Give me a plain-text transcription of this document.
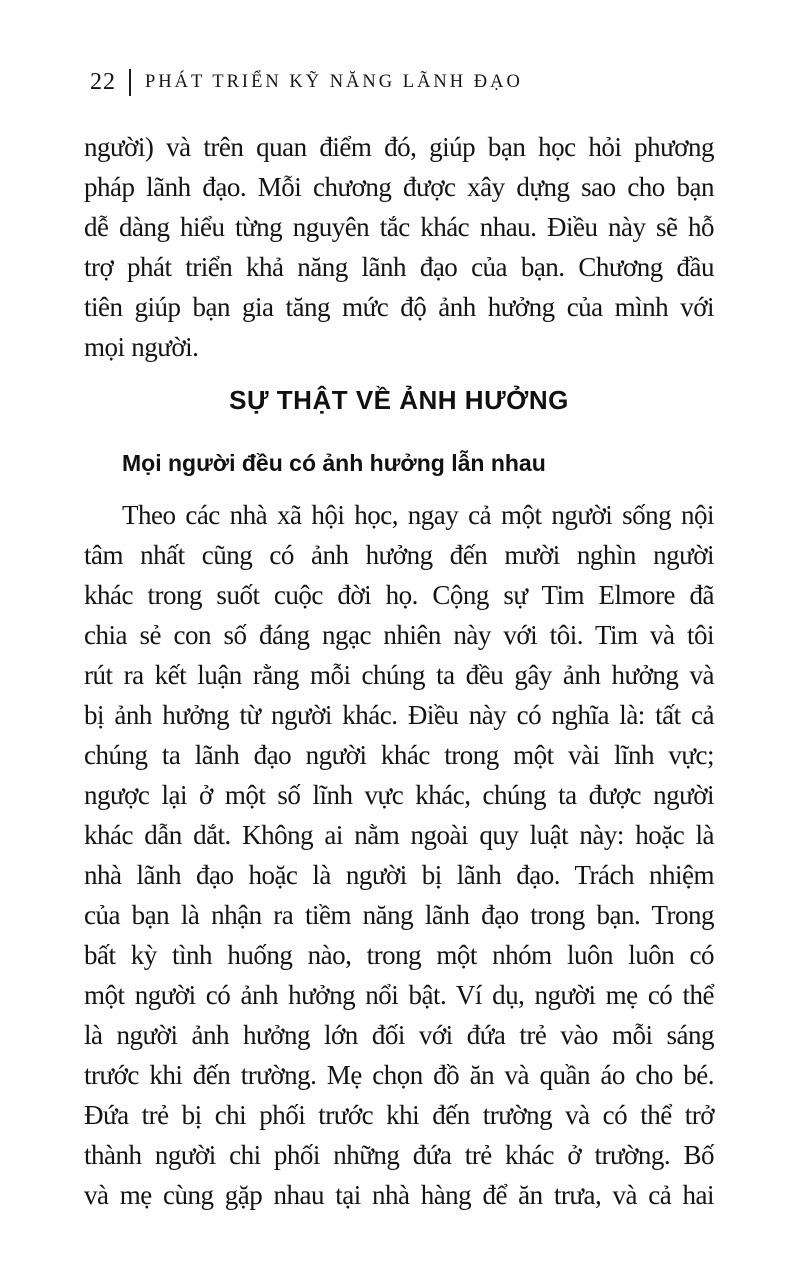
22 PHÁT TRIỂN KỸ NĂNG LÃNH ĐẠO
người) và trên quan điểm đó, giúp bạn học hỏi phương
pháp lãnh đạo. Mỗi chương được xây dựng sao cho bạn
dễ dàng hiểu từng nguyên tắc khác nhau. Điều này sẽ hỗ
trợ phát triển khả năng lãnh đạo của bạn. Chương đầu
tiên giúp bạn gia tăng mức độ ảnh hưởng của mình với
mọi người.
SỰ THẬT VỀ ẢNH HƯỞNG
Mọi người đều có ảnh hưởng lẫn nhau
Theo các nhà xã hội học, ngay cả một người sống nội
tâm nhất cũng có ảnh hưởng đến mười nghìn người
khác trong suốt cuộc đời họ. Cộng sự Tim Elmore đã
chia sẻ con số đáng ngạc nhiên này với tôi. Tim và tôi
rút ra kết luận rằng mỗi chúng ta đều gây ảnh hưởng và
bị ảnh hưởng từ người khác. Điều này có nghĩa là: tất cả
chúng ta lãnh đạo người khác trong một vài lĩnh vực;
ngược lại ở một số lĩnh vực khác, chúng ta được người
khác dẫn dắt. Không ai nằm ngoài quy luật này: hoặc là
nhà lãnh đạo hoặc là người bị lãnh đạo. Trách nhiệm
của bạn là nhận ra tiềm năng lãnh đạo trong bạn. Trong
bất kỳ tình huống nào, trong một nhóm luôn luôn có
một người có ảnh hưởng nổi bật. Ví dụ, người mẹ có thể
là người ảnh hưởng lớn đối với đứa trẻ vào mỗi sáng
trước khi đến trường. Mẹ chọn đồ ăn và quần áo cho bé.
Đứa trẻ bị chi phối trước khi đến trường và có thể trở
thành người chi phối những đứa trẻ khác ở trường. Bố
và mẹ cùng gặp nhau tại nhà hàng để ăn trưa, và cả hai
